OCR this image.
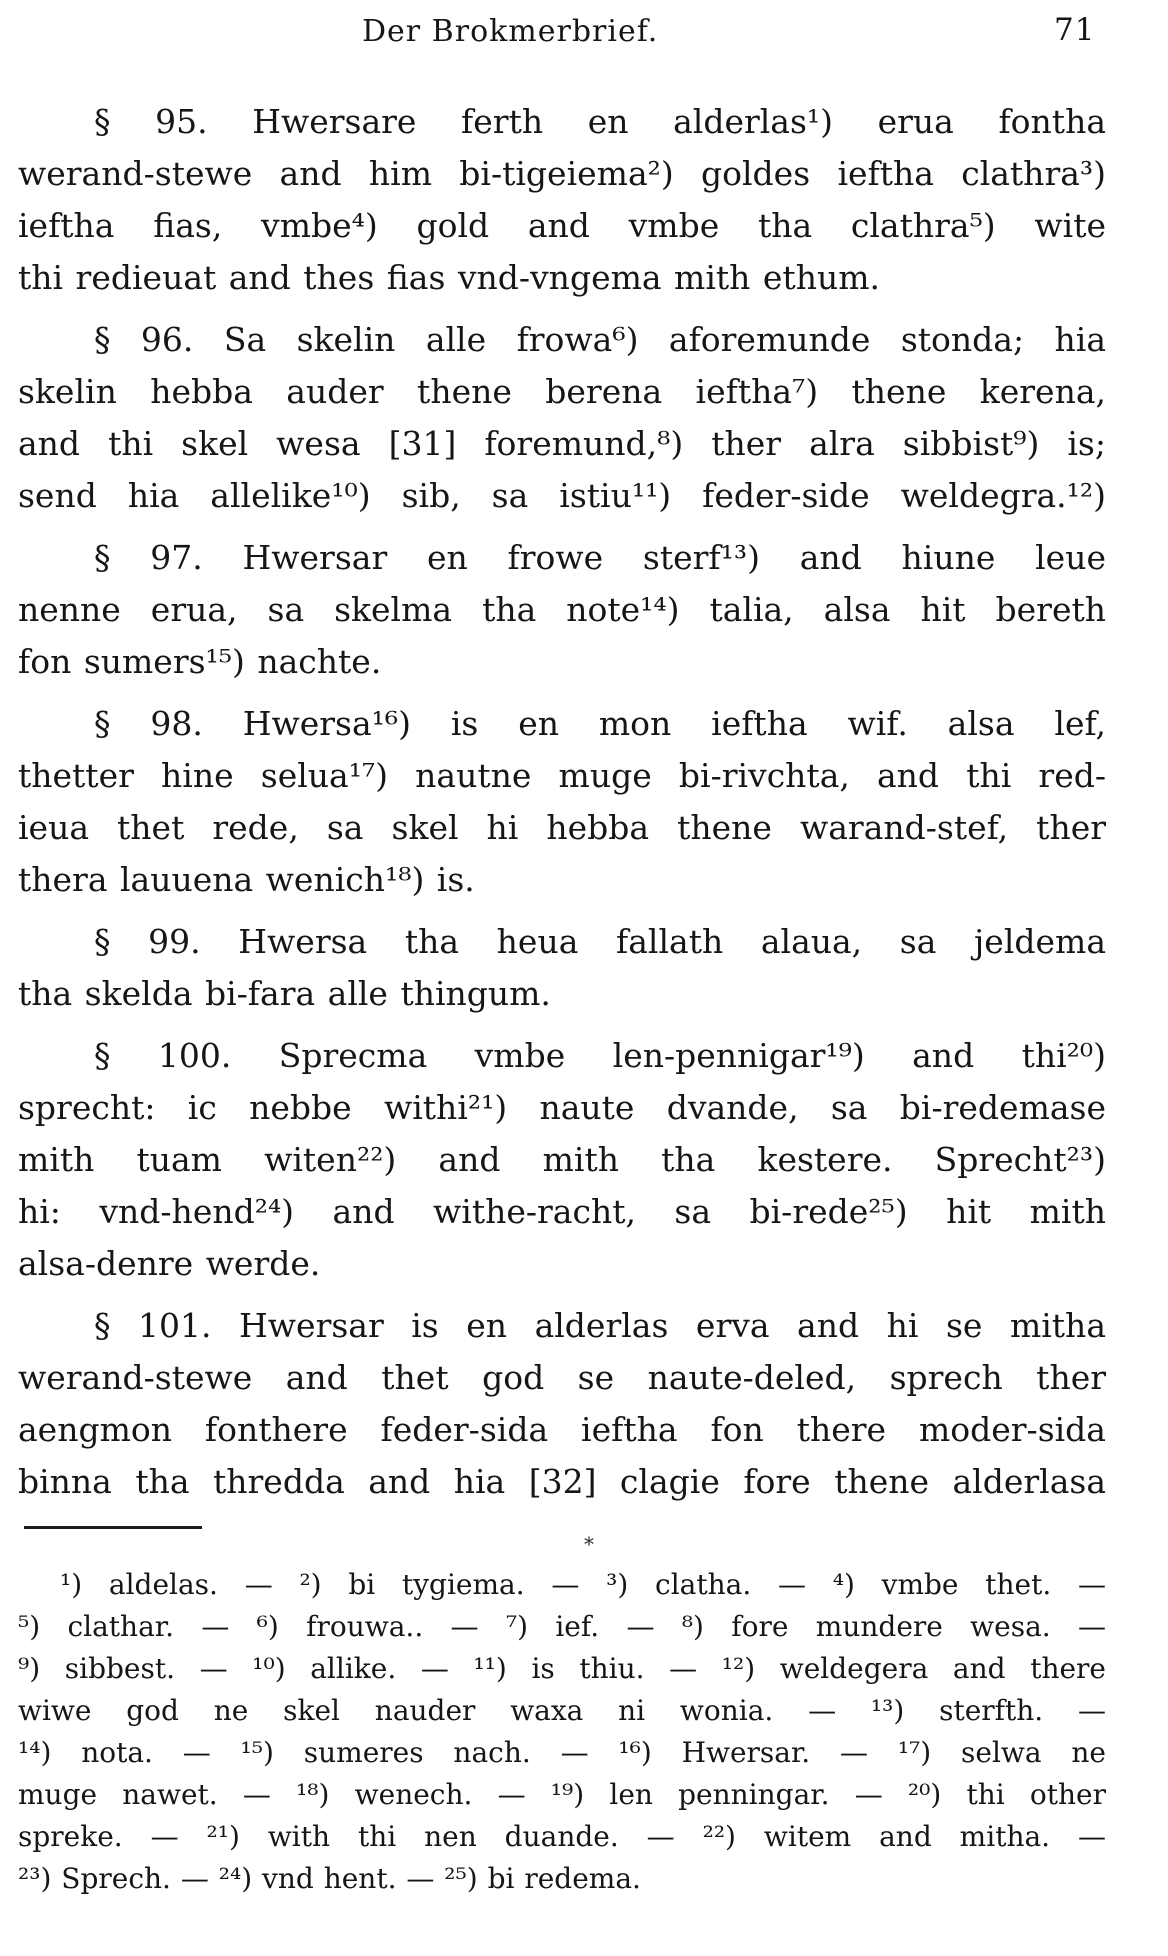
Der Brokmerbrief.	71
§ 95. Hwersare ferth en alderlas¹) erua fontha
werand-stewe and him bi-tigeiema²) goldes ieftha clathra³)
ieftha fias, vmbe⁴) gold and vmbe tha clathra⁵) wite
thi redieuat and thes fias vnd-vngema mith ethum.
§ 96. Sa skelin alle frowa⁶) aforemunde stonda; hia
skelin hebba auder thene berena ieftha⁷) thene kerena,
and thi skel wesa [31] foremund,⁸) ther alra sibbist⁹) is;
send hia allelike¹⁰) sib, sa istiu¹¹) feder-side weldegra.¹²)
§ 97. Hwersar en frowe sterf¹³) and hiune leue
nenne erua, sa skelma tha note¹⁴) talia, alsa hit bereth
fon sumers¹⁵) nachte.
§ 98. Hwersa¹⁶) is en mon ieftha wif. alsa lef,
thetter hine selua¹⁷) nautne muge bi-rivchta, and thi red-
ieua thet rede, sa skel hi hebba thene warand-stef, ther
thera lauuena wenich¹⁸) is.
§ 99. Hwersa tha heua fallath alaua, sa jeldema
tha skelda bi-fara alle thingum.
§ 100. Sprecma vmbe len-pennigar¹⁹) and thi²⁰)
sprecht: ic nebbe withi²¹) naute dvande, sa bi-redemase
mith tuam witen²²) and mith tha kestere. Sprecht²³)
hi: vnd-hend²⁴) and withe-racht, sa bi-rede²⁵) hit mith
alsa-denre werde.
§ 101. Hwersar is en alderlas erva and hi se mitha
werand-stewe and thet god se naute-deled, sprech ther
aengmon fonthere feder-sida ieftha fon there moder-sida
binna tha thredda and hia [32] clagie fore thene alderlasa
*
¹) aldelas. — ²) bi tygiema. — ³) clatha. — ⁴) vmbe thet. —
⁵) clathar. — ⁶) frouwa.. — ⁷) ief. — ⁸) fore mundere wesa. —
⁹) sibbest. — ¹⁰) allike. — ¹¹) is thiu. — ¹²) weldegera and there
wiwe god ne skel nauder waxa ni wonia. — ¹³) sterfth. —
¹⁴) nota. — ¹⁵) sumeres nach. — ¹⁶) Hwersar. — ¹⁷) selwa ne
muge nawet. — ¹⁸) wenech. — ¹⁹) len penningar. — ²⁰) thi other
spreke. — ²¹) with thi nen duande. — ²²) witem and mitha. —
²³) Sprech. — ²⁴) vnd hent. — ²⁵) bi redema.
